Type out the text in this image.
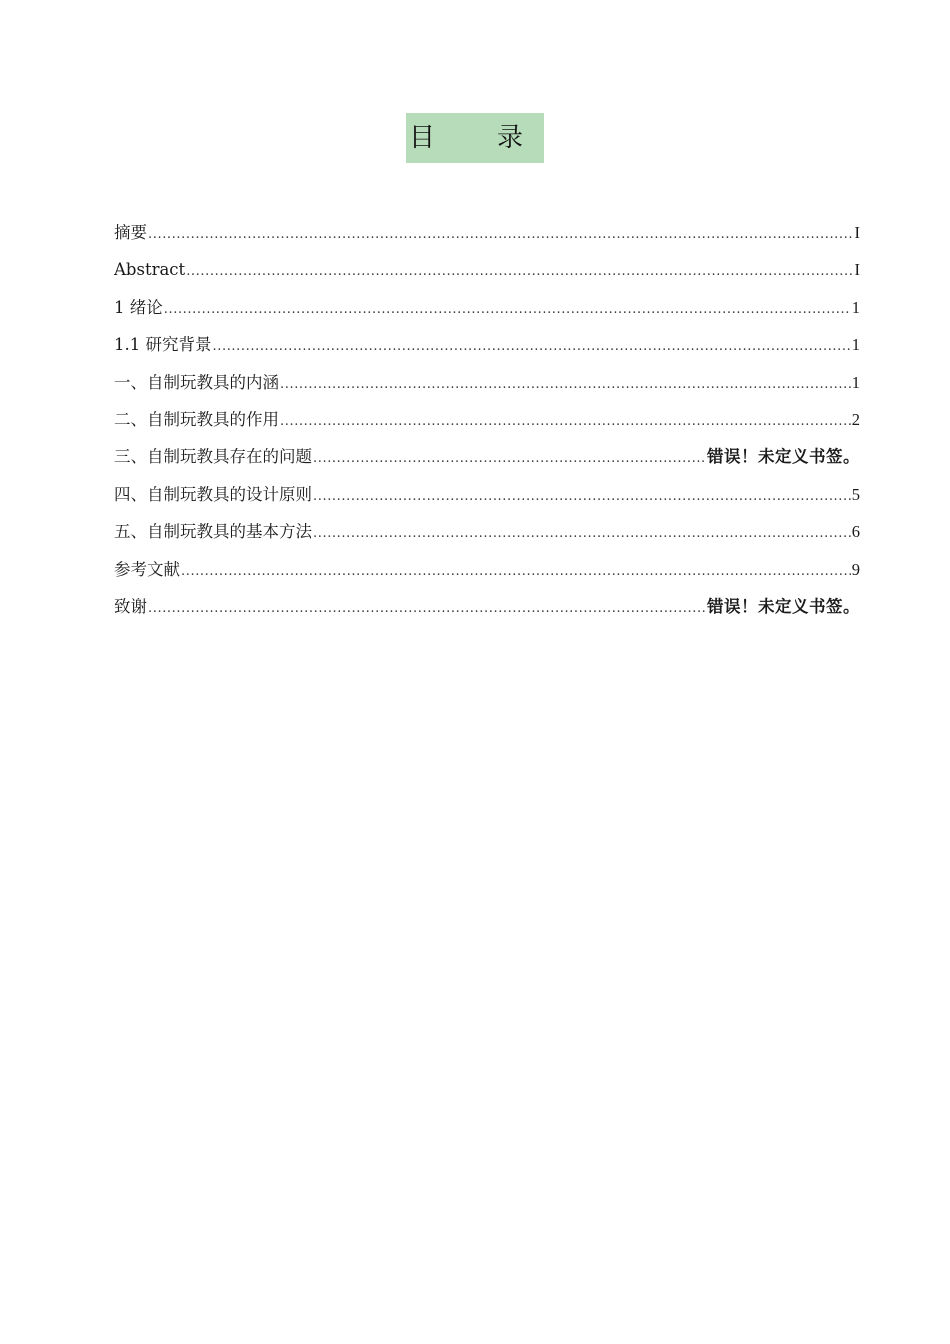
目　录
摘要 .....	I
Abstract .....	I
1 绪论 .....	1
1.1 研究背景 .....	1
一、自制玩教具的内涵 .....	1
二、自制玩教具的作用 .....	2
三、自制玩教具存在的问题 .....	错误！未定义书签。
四、自制玩教具的设计原则 .....	5
五、自制玩教具的基本方法 .....	6
参考文献 .....	9
致谢 .....	错误！未定义书签。
